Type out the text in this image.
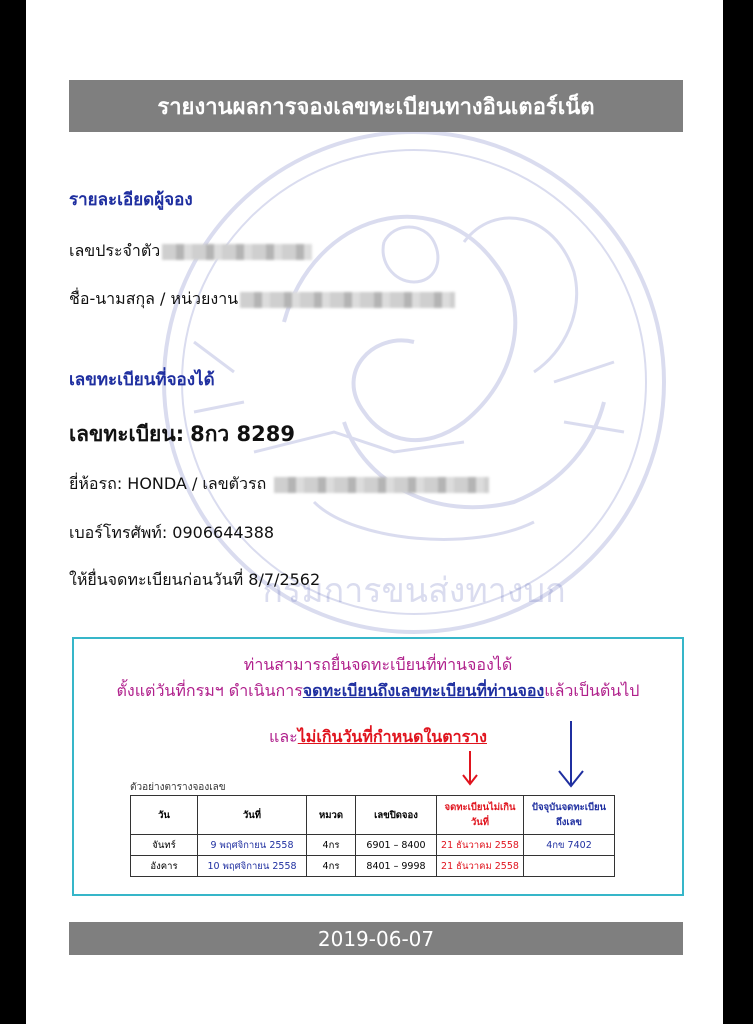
กรมการขนส่งทางบก
รายงานผลการจองเลขทะเบียนทางอินเตอร์เน็ต
รายละเอียดผู้จอง
เลขประจำตัว
ชื่อ-นามสกุล / หน่วยงาน
เลขทะเบียนที่จองได้
เลขทะเบียน: 8กว 8289
ยี่ห้อรถ: HONDA / เลขตัวรถ
เบอร์โทรศัพท์: 0906644388
ให้ยื่นจดทะเบียนก่อนวันที่ 8/7/2562
ท่านสามารถยื่นจดทะเบียนที่ท่านจองได้
ตั้งแต่วันที่กรมฯ ดำเนินการจดทะเบียนถึงเลขทะเบียนที่ท่านจองแล้วเป็นต้นไป
และไม่เกินวันที่กำหนดในตาราง
ตัวอย่างตารางจองเลข
วัน	วันที่	หมวด	เลขปิดจอง	จดทะเบียนไม่เกิน วันที่	ปัจจุบันจดทะเบียน ถึงเลข
จันทร์	9 พฤศจิกายน 2558	4กร	6901 – 8400	21 ธันวาคม 2558	4กข 7402
อังคาร	10 พฤศจิกายน 2558	4กร	8401 – 9998	21 ธันวาคม 2558	
2019-06-07
